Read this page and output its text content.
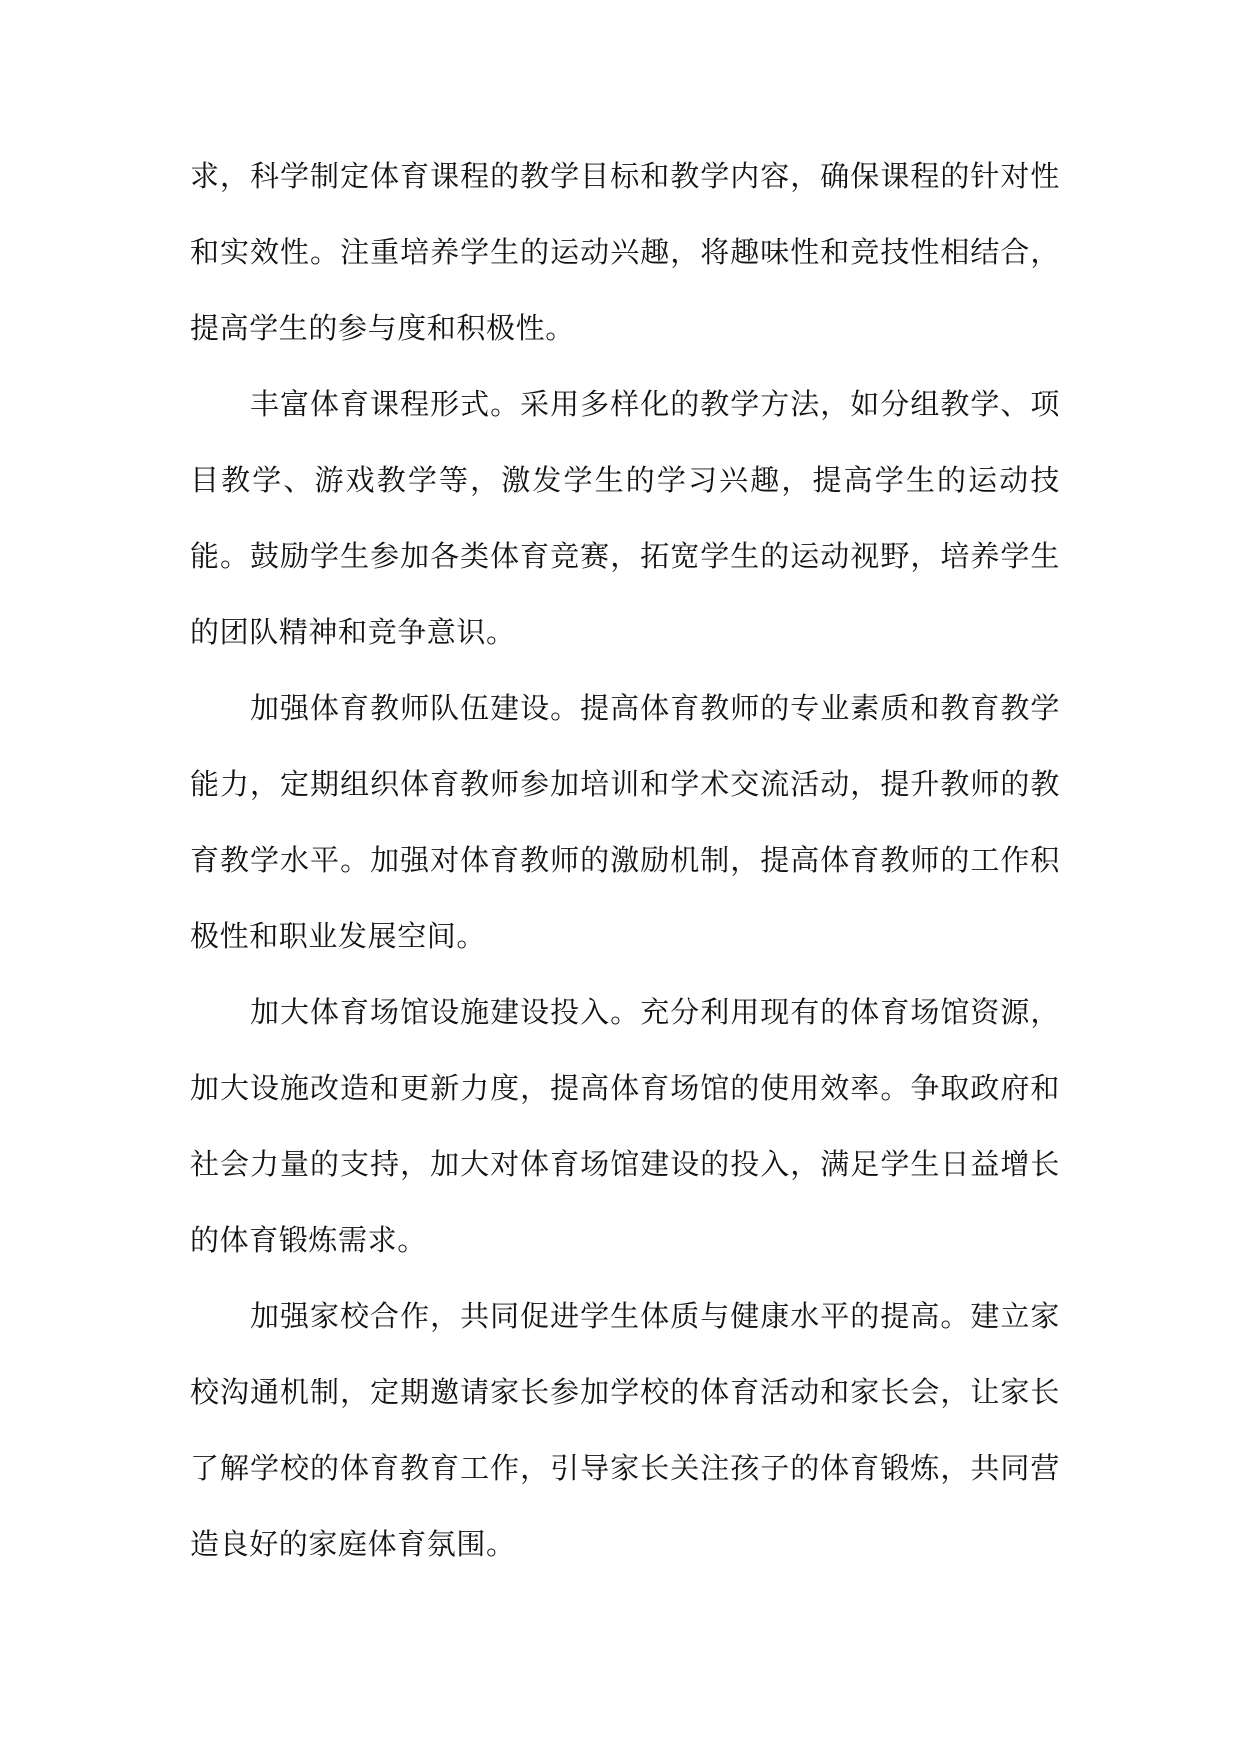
求，科学制定体育课程的教学目标和教学内容，确保课程的针对性和实效性。注重培养学生的运动兴趣，将趣味性和竞技性相结合，提高学生的参与度和积极性。

丰富体育课程形式。采用多样化的教学方法，如分组教学、项目教学、游戏教学等，激发学生的学习兴趣，提高学生的运动技能。鼓励学生参加各类体育竞赛，拓宽学生的运动视野，培养学生的团队精神和竞争意识。

加强体育教师队伍建设。提高体育教师的专业素质和教育教学能力，定期组织体育教师参加培训和学术交流活动，提升教师的教育教学水平。加强对体育教师的激励机制，提高体育教师的工作积极性和职业发展空间。

加大体育场馆设施建设投入。充分利用现有的体育场馆资源，加大设施改造和更新力度，提高体育场馆的使用效率。争取政府和社会力量的支持，加大对体育场馆建设的投入，满足学生日益增长的体育锻炼需求。

加强家校合作，共同促进学生体质与健康水平的提高。建立家校沟通机制，定期邀请家长参加学校的体育活动和家长会，让家长了解学校的体育教育工作，引导家长关注孩子的体育锻炼，共同营造良好的家庭体育氛围。
